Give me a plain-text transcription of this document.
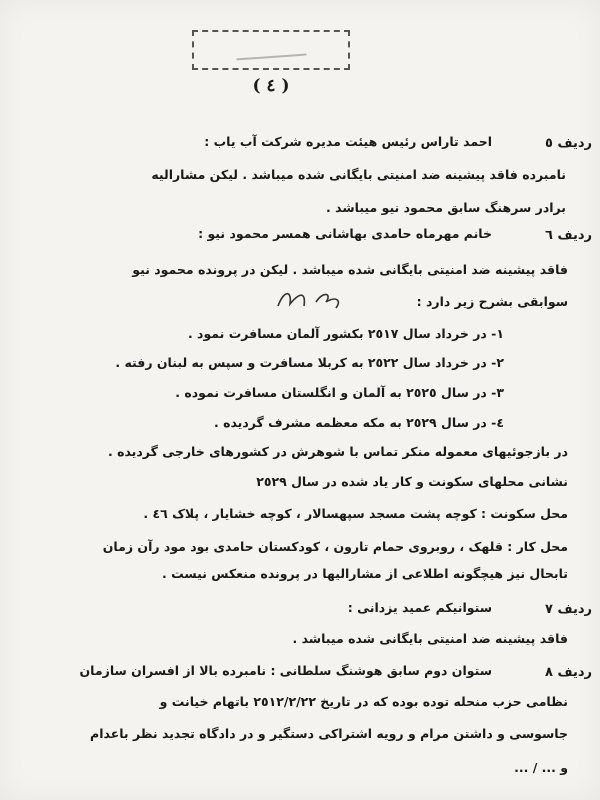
( ٤ )
ردیف ٥
احمد تاراس رئیس هیئت مدیره شرکت آب یاب :
نامبرده فاقد پیشینه ضد امنیتی بایگانی شده میباشد . لیکن مشارالیه
برادر سرهنگ سابق محمود نیو میباشد .
ردیف ٦
خانم مهرماه حامدی بهاشانی همسر محمود نیو :
فاقد پیشینه ضد امنیتی بایگانی شده میباشد . لیکن در پرونده محمود نیو
سوابقی بشرح زیر دارد :
١- در خرداد سال ٢٥١٧ بکشور آلمان مسافرت نمود .
٢- در خرداد سال ٢٥٢٢ به کربلا مسافرت و سپس به لبنان رفته .
٣- در سال ٢٥٢٥ به آلمان و انگلستان مسافرت نموده .
٤- در سال ٢٥٢٩ به مکه معظمه مشرف گردیده .
در بازجوئیهای معموله منکر تماس با شوهرش در کشورهای خارجی گردیده .
نشانی محلهای سکونت و کار یاد شده در سال ٢٥٢٩
محل سکونت : کوچه پشت مسجد سپهسالار ، کوچه خشایار ، پلاک ٤٦ .
محل کار : قلهک ، روبروی حمام تارون ، کودکستان حامدی بود مود رآن زمان
تابحال نیز هیچگونه اطلاعی از مشارالیها در پرونده منعکس نیست .
ردیف ٧
ستوانیکم عمید یزدانی :
فاقد پیشینه ضد امنیتی بایگانی شده میباشد .
ردیف ٨
ستوان دوم سابق هوشنگ سلطانی : نامبرده بالا از افسران سازمان
نظامی حزب منحله توده بوده که در تاریخ ٢٥١٢/٢/٢٢ باتهام خیانت و
جاسوسی و داشتن مرام و رویه اشتراکی دستگیر و در دادگاه تجدید نظر باعدام
و ... / ...
